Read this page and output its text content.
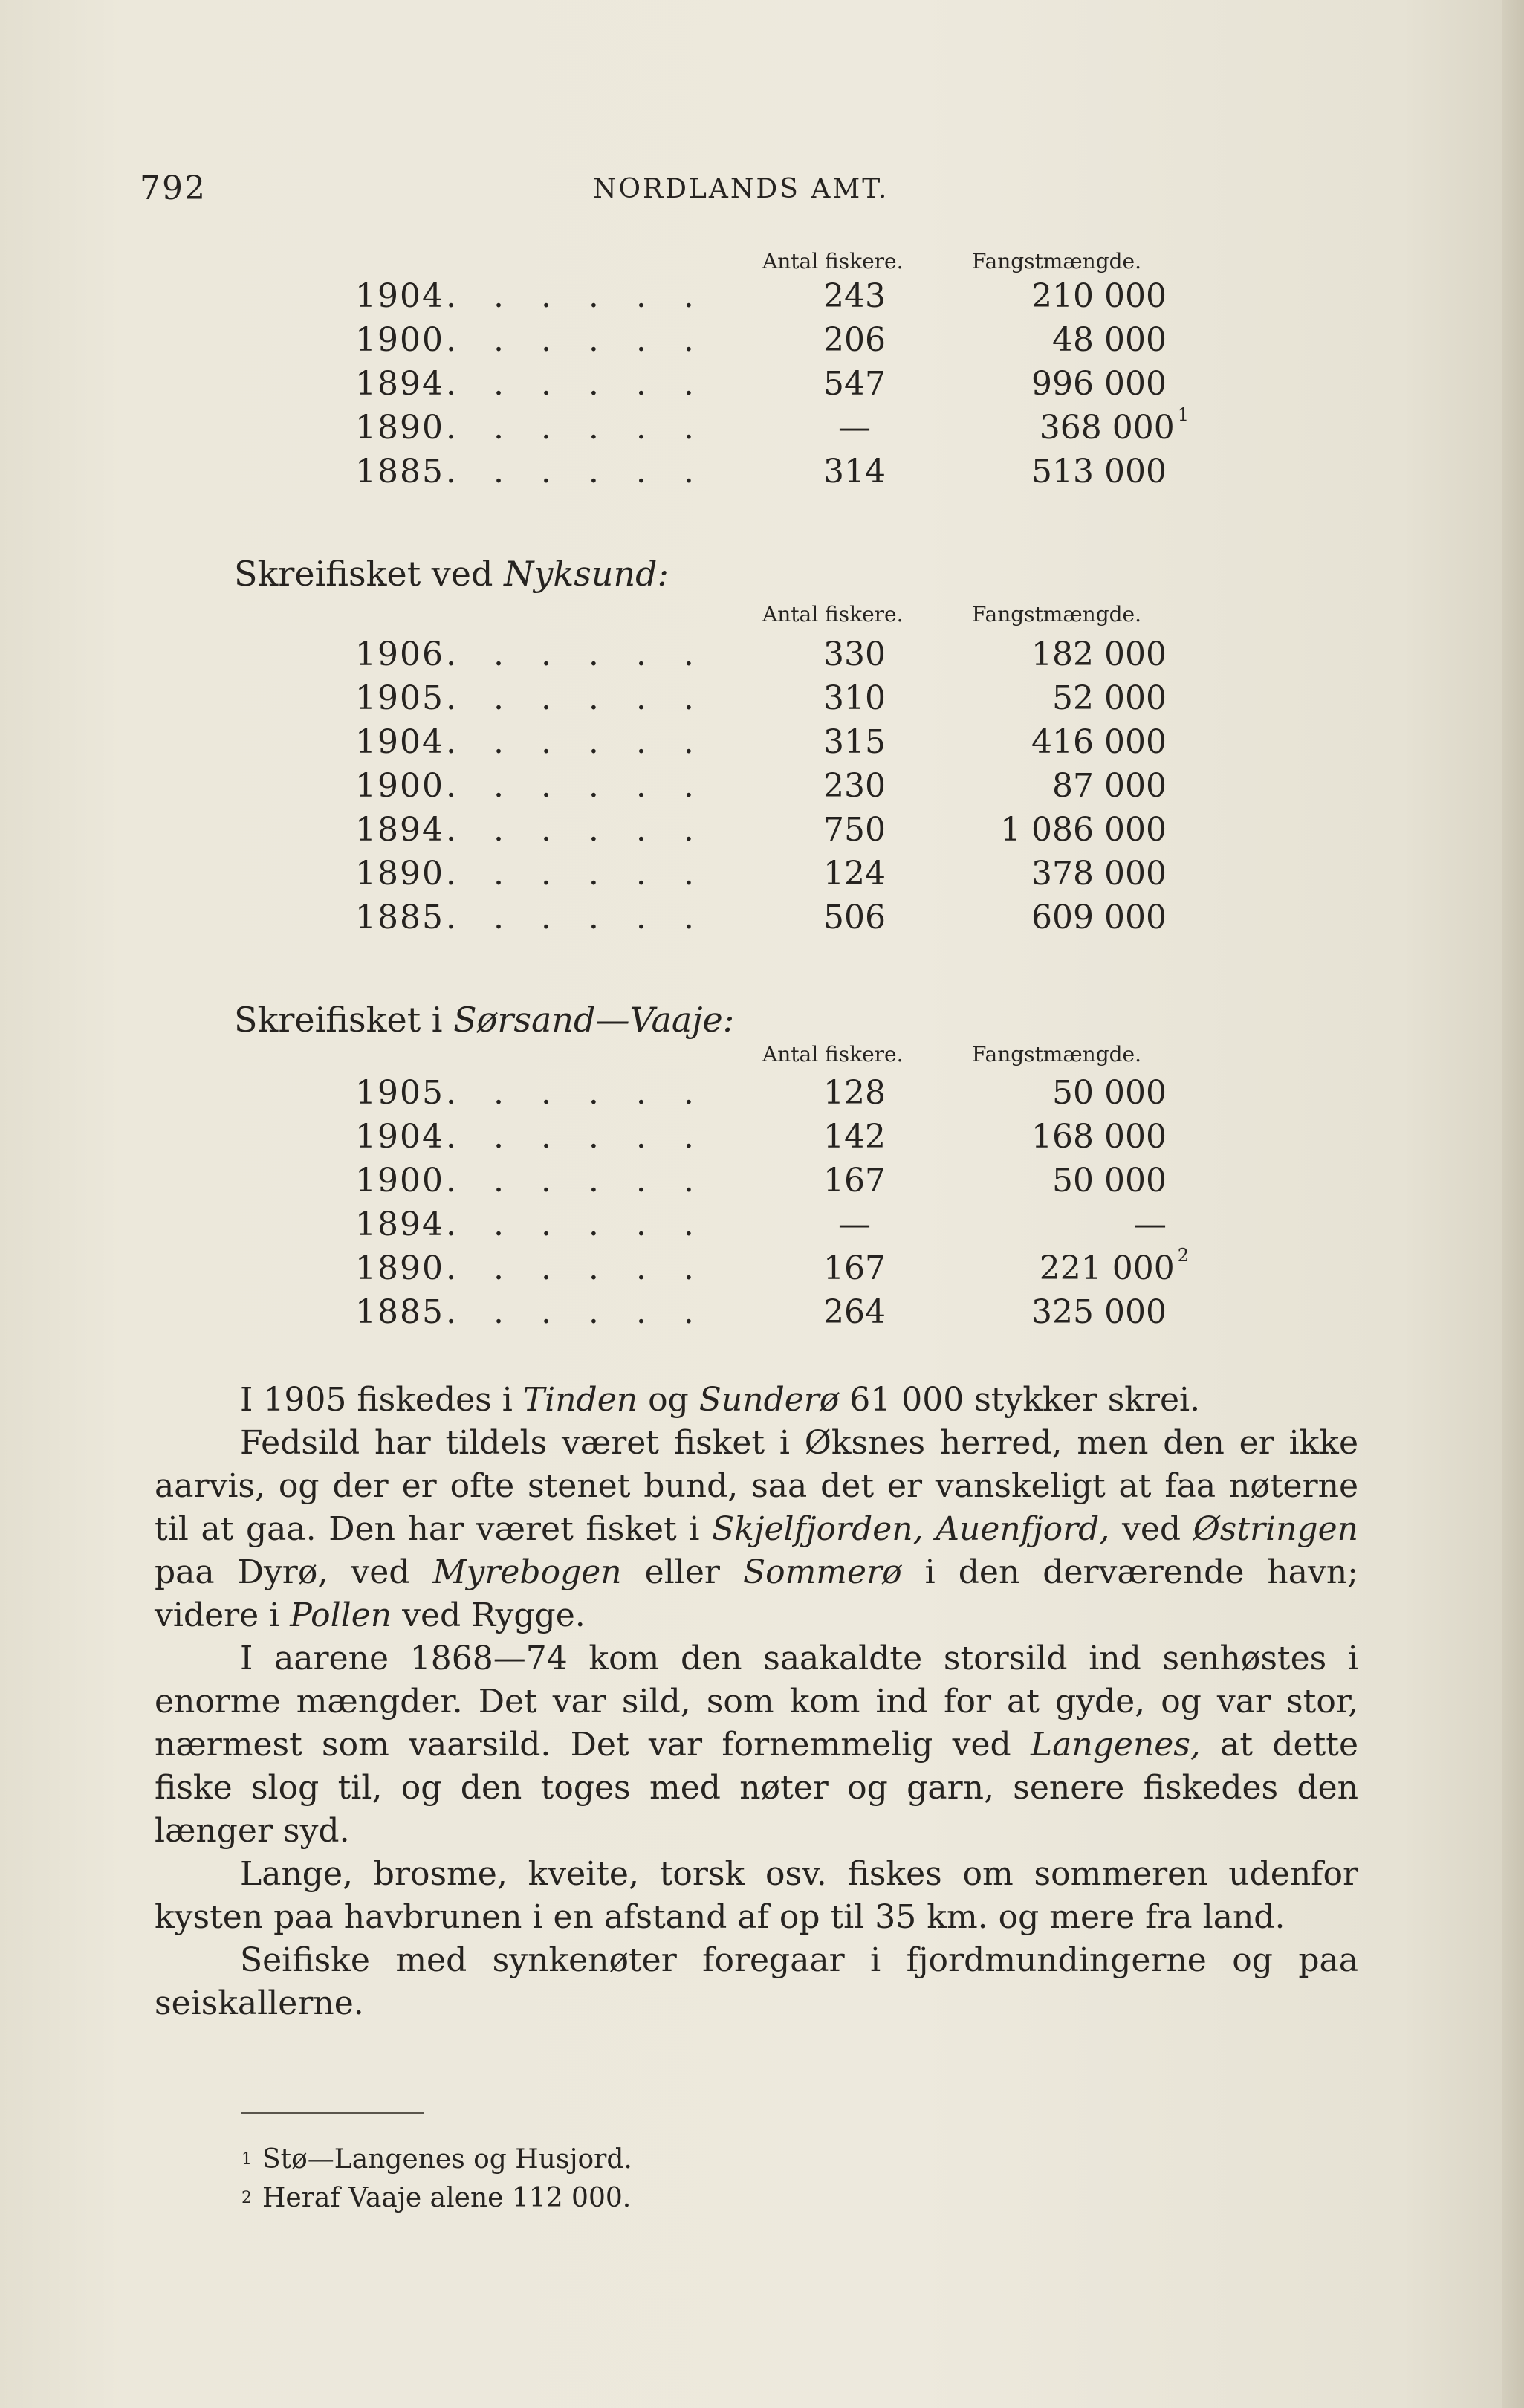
792	NORDLANDS AMT.
Antal fiskere.	Fangstmængde.
1904 . . . . . .	243	210 000
1900 . . . . . .	206	48 000
1894 . . . . . .	547	996 000
1890 . . . . . .	—	368 000 $^1$
1885 . . . . . .	314	513 000
Skreifisket ved Nyksund:
Antal fiskere.	Fangstmængde.
1906 . . . . . .	330	182 000
1905 . . . . . .	310	52 000
1904 . . . . . .	315	416 000
1900 . . . . . .	230	87 000
1894 . . . . . .	750	1 086 000
1890 . . . . . .	124	378 000
1885 . . . . . .	506	609 000
Skreifisket i Sørsand—Vaaje:
Antal fiskere.	Fangstmængde.
1905 . . . . . .	128	50 000
1904 . . . . . .	142	168 000
1900 . . . . . .	167	50 000
1894 . . . . . .	—	—
1890 . . . . . .	167	221 000 $^2$
1885 . . . . . .	264	325 000

I 1905 fiskedes i Tinden og Sunderø 61 000 stykker skrei.

Fedsild har tildels været fisket i Øksnes herred, men den er ikke aarvis, og der er ofte stenet bund, saa det er vanskeligt at faa nøterne til at gaa. Den har været fisket i Skjelfjorden, Auenfjord, ved Østringen paa Dyrø, ved Myrebogen eller Sommerø i den derværende havn; videre i Pollen ved Rygge.

I aarene 1868—74 kom den saakaldte storsild ind senhøstes i enorme mængder. Det var sild, som kom ind for at gyde, og var stor, nærmest som vaarsild. Det var fornemmelig ved Langenes, at dette fiske slog til, og den toges med nøter og garn, senere fiskedes den længer syd.

Lange, brosme, kveite, torsk osv. fiskes om sommeren udenfor kysten paa havbrunen i en afstand af op til 35 km. og mere fra land.

Seifiske med synkenøter foregaar i fjordmundingerne og paa seiskallerne.

$^1$ Stø—Langenes og Husjord.
$^2$ Heraf Vaaje alene 112 000.
